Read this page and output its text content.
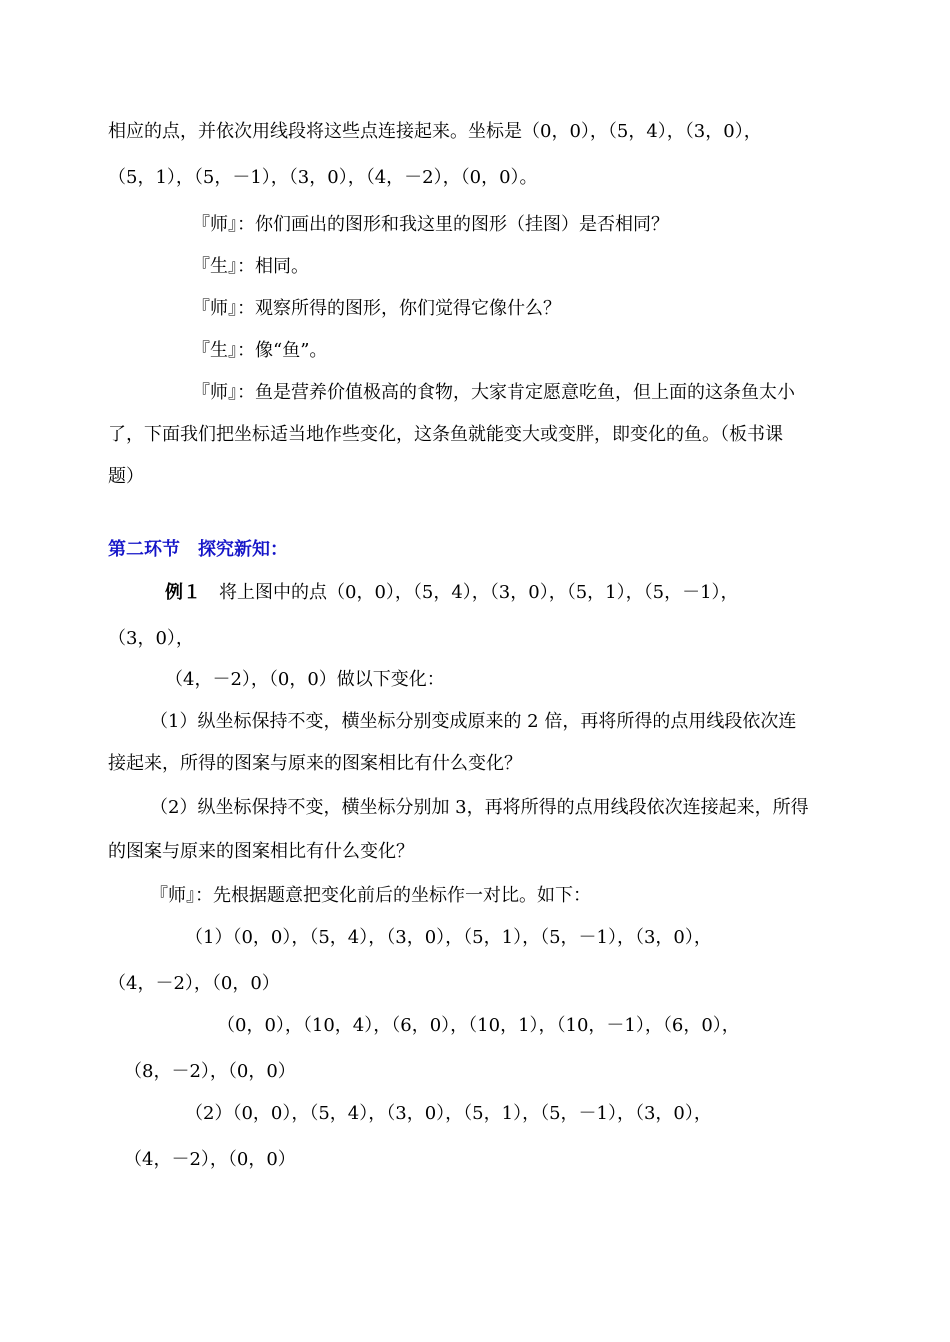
相应的点，并依次用线段将这些点连接起来。坐标是（0，0），（5，4），（3，0），

（5，1），（5，－1），（3，0），（4，－2），（0，0）。

『师』：你们画出的图形和我这里的图形（挂图）是否相同？

『生』：相同。

『师』：观察所得的图形，你们觉得它像什么？

『生』：像“鱼”。

『师』：鱼是营养价值极高的食物，大家肯定愿意吃鱼，但上面的这条鱼太小

了，下面我们把坐标适当地作些变化，这条鱼就能变大或变胖，即变化的鱼。（板书课

题）

第二环节　探究新知：

例１　 将上图中的点（0，0），（5，4），（3，0），（5，1），（5，－1），

（3，0），

（4，－2），（0，0）做以下变化：

（1）纵坐标保持不变，横坐标分别变成原来的 2 倍，再将所得的点用线段依次连

接起来，所得的图案与原来的图案相比有什么变化？

（2）纵坐标保持不变，横坐标分别加 3，再将所得的点用线段依次连接起来，所得

的图案与原来的图案相比有什么变化？

『师』：先根据题意把变化前后的坐标作一对比。如下：

（1）（0，0），（5，4），（3，0），（5，1），（5，－1），（3，0），

（4，－2），（0，0）

（0，0），（10，4），（6，0），（10，1），（10，－1），（6，0），

（8，－2），（0，0）

（2）（0，0），（5，4），（3，0），（5，1），（5，－1），（3，0），

（4，－2），（0，0）
